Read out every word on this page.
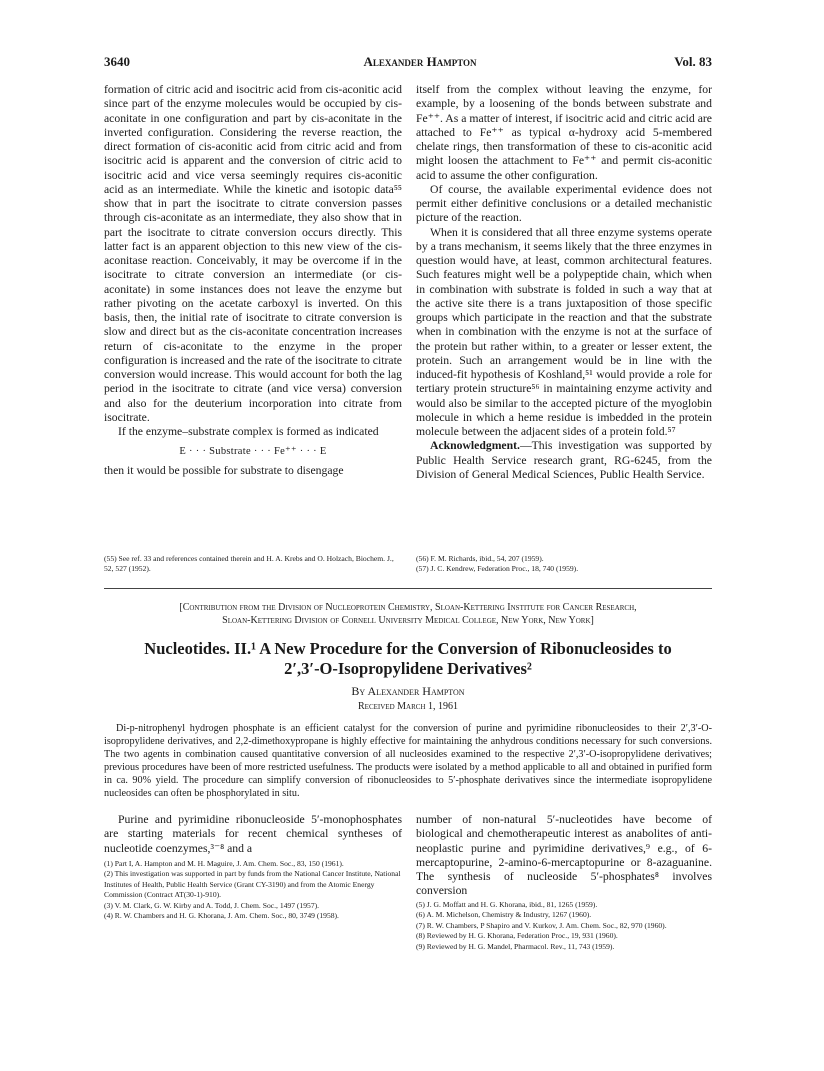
3640	Alexander Hampton	Vol. 83

formation of citric acid and isocitric acid from cis-aconitic acid since part of the enzyme molecules would be occupied by cis-aconitate in one configuration and part by cis-aconitate in the inverted configuration. Considering the reverse reaction, the direct formation of cis-aconitic acid from citric acid and from isocitric acid is apparent and the conversion of citric acid to isocitric acid and vice versa seemingly requires cis-aconitic acid as an intermediate. While the kinetic and isotopic data⁵⁵ show that in part the isocitrate to citrate conversion passes through cis-aconitate as an intermediate, they also show that in part the isocitrate to citrate conversion occurs directly. This latter fact is an apparent objection to this new view of the cis-aconitase reaction. Conceivably, it may be overcome if in the isocitrate to citrate conversion an intermediate (or cis-aconitate) in some instances does not leave the enzyme but rather pivoting on the acetate carboxyl is inverted. On this basis, then, the initial rate of isocitrate to citrate conversion is slow and direct but as the cis-aconitate concentration increases return of cis-aconitate to the enzyme in the proper configuration is increased and the rate of the isocitrate to citrate conversion would increase. This would account for both the lag period in the isocitrate to citrate (and vice versa) conversion and also for the deuterium incorporation into citrate from isocitrate.

If the enzyme–substrate complex is formed as indicated

E · · · Substrate · · · Fe⁺⁺ · · · E

then it would be possible for substrate to disengage

(55) See ref. 33 and references contained therein and H. A. Krebs and O. Holzach, Biochem. J., 52, 527 (1952).

itself from the complex without leaving the enzyme, for example, by a loosening of the bonds between substrate and Fe⁺⁺. As a matter of interest, if isocitric acid and citric acid are attached to Fe⁺⁺ as typical α-hydroxy acid 5-membered chelate rings, then transformation of these to cis-aconitic acid might loosen the attachment to Fe⁺⁺ and permit cis-aconitic acid to assume the other configuration.

Of course, the available experimental evidence does not permit either definitive conclusions or a detailed mechanistic picture of the reaction.

When it is considered that all three enzyme systems operate by a trans mechanism, it seems likely that the three enzymes in question would have, at least, common architectural features. Such features might well be a polypeptide chain, which when in combination with substrate is folded in such a way that at the active site there is a trans juxtaposition of those specific groups which participate in the reaction and that the substrate when in combination with the enzyme is not at the surface of the protein but rather within, to a greater or lesser extent, the protein. Such an arrangement would be in line with the induced-fit hypothesis of Koshland,⁵¹ would provide a role for tertiary protein structure⁵⁶ in maintaining enzyme activity and would also be similar to the accepted picture of the myoglobin molecule in which a heme residue is imbedded in the protein molecule between the adjacent sides of a protein fold.⁵⁷

Acknowledgment.—This investigation was supported by Public Health Service research grant, RG-6245, from the Division of General Medical Sciences, Public Health Service.

(56) F. M. Richards, ibid., 54, 207 (1959).
(57) J. C. Kendrew, Federation Proc., 18, 740 (1959).
[Contribution from the Division of Nucleoprotein Chemistry, Sloan-Kettering Institute for Cancer Research,
Sloan-Kettering Division of Cornell University Medical College, New York, New York]
Nucleotides. II.¹ A New Procedure for the Conversion of Ribonucleosides to
2′,3′-O-Isopropylidene Derivatives²
By Alexander Hampton
Received March 1, 1961
Di-p-nitrophenyl hydrogen phosphate is an efficient catalyst for the conversion of purine and pyrimidine ribonucleosides to their 2′,3′-O-isopropylidene derivatives, and 2,2-dimethoxypropane is highly effective for maintaining the anhydrous conditions necessary for such conversions. The two agents in combination caused quantitative conversion of all nucleosides examined to the respective 2′,3′-O-isopropylidene derivatives; previous procedures have been of more restricted usefulness. The products were isolated by a method applicable to all and obtained in purified form in ca. 90% yield. The procedure can simplify conversion of ribonucleosides to 5′-phosphate derivatives since the intermediate isopropylidene nucleosides can often be phosphorylated in situ.

Purine and pyrimidine ribonucleoside 5′-monophosphates are starting materials for recent chemical syntheses of nucleotide coenzymes,³⁻⁸ and a

(1) Part I, A. Hampton and M. H. Maguire, J. Am. Chem. Soc., 83, 150 (1961).
(2) This investigation was supported in part by funds from the National Cancer Institute, National Institutes of Health, Public Health Service (Grant CY-3190) and from the Atomic Energy Commission (Contract AT(30-1)-910).
(3) V. M. Clark, G. W. Kirby and A. Todd, J. Chem. Soc., 1497 (1957).
(4) R. W. Chambers and H. G. Khorana, J. Am. Chem. Soc., 80, 3749 (1958).

number of non-natural 5′-nucleotides have become of biological and chemotherapeutic interest as anabolites of anti-neoplastic purine and pyrimidine derivatives,⁹ e.g., of 6-mercaptopurine, 2-amino-6-mercaptopurine or 8-azaguanine. The synthesis of nucleoside 5′-phosphates⁸ involves conversion

(5) J. G. Moffatt and H. G. Khorana, ibid., 81, 1265 (1959).
(6) A. M. Michelson, Chemistry & Industry, 1267 (1960).
(7) R. W. Chambers, P Shapiro and V. Kurkov, J. Am. Chem. Soc., 82, 970 (1960).
(8) Reviewed by H. G. Khorana, Federation Proc., 19, 931 (1960).
(9) Reviewed by H. G. Mandel, Pharmacol. Rev., 11, 743 (1959).
